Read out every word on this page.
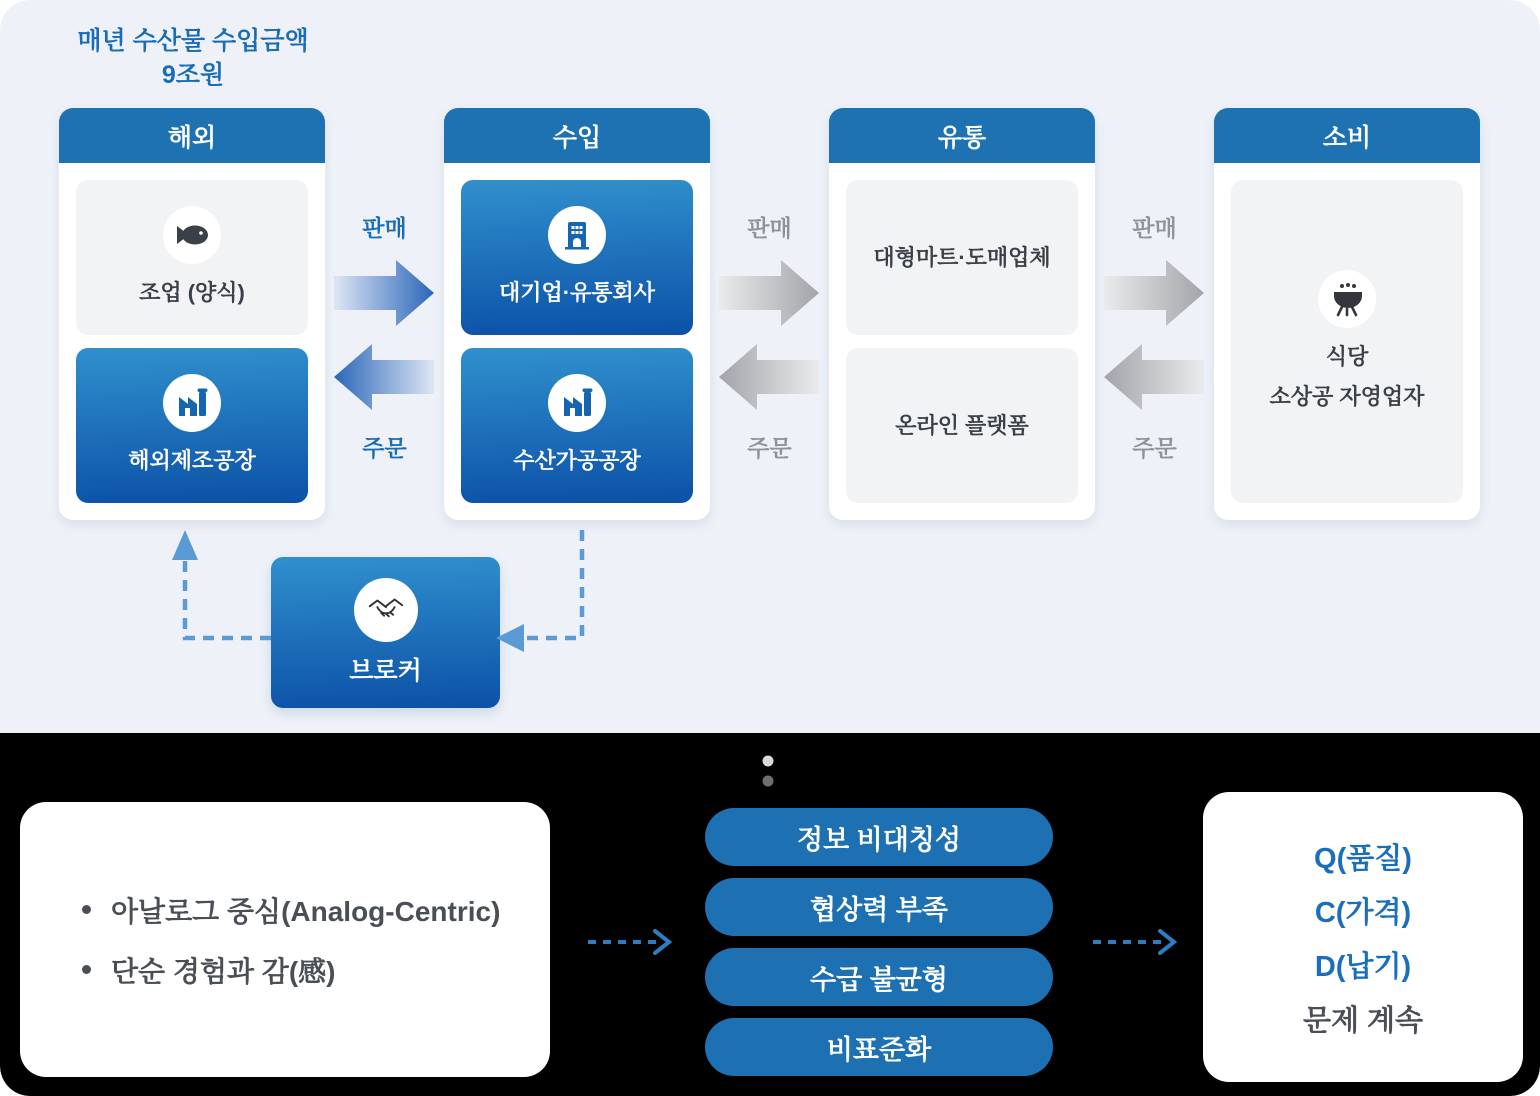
매년 수산물 수입금액
9조원
해외
조업 (양식)
해외제조공장
판매
주문
수입
대기업·유통회사
수산가공공장
판매
주문
유통
대형마트·도매업체
온라인 플랫폼
판매
주문
소비
식당
소상공 자영업자
브로커
아날로그 중심(Analog-Centric)
단순 경험과 감(感)
정보 비대칭성
협상력 부족
수급 불균형
비표준화
Q(품질)
C(가격)
D(납기)
문제 계속
